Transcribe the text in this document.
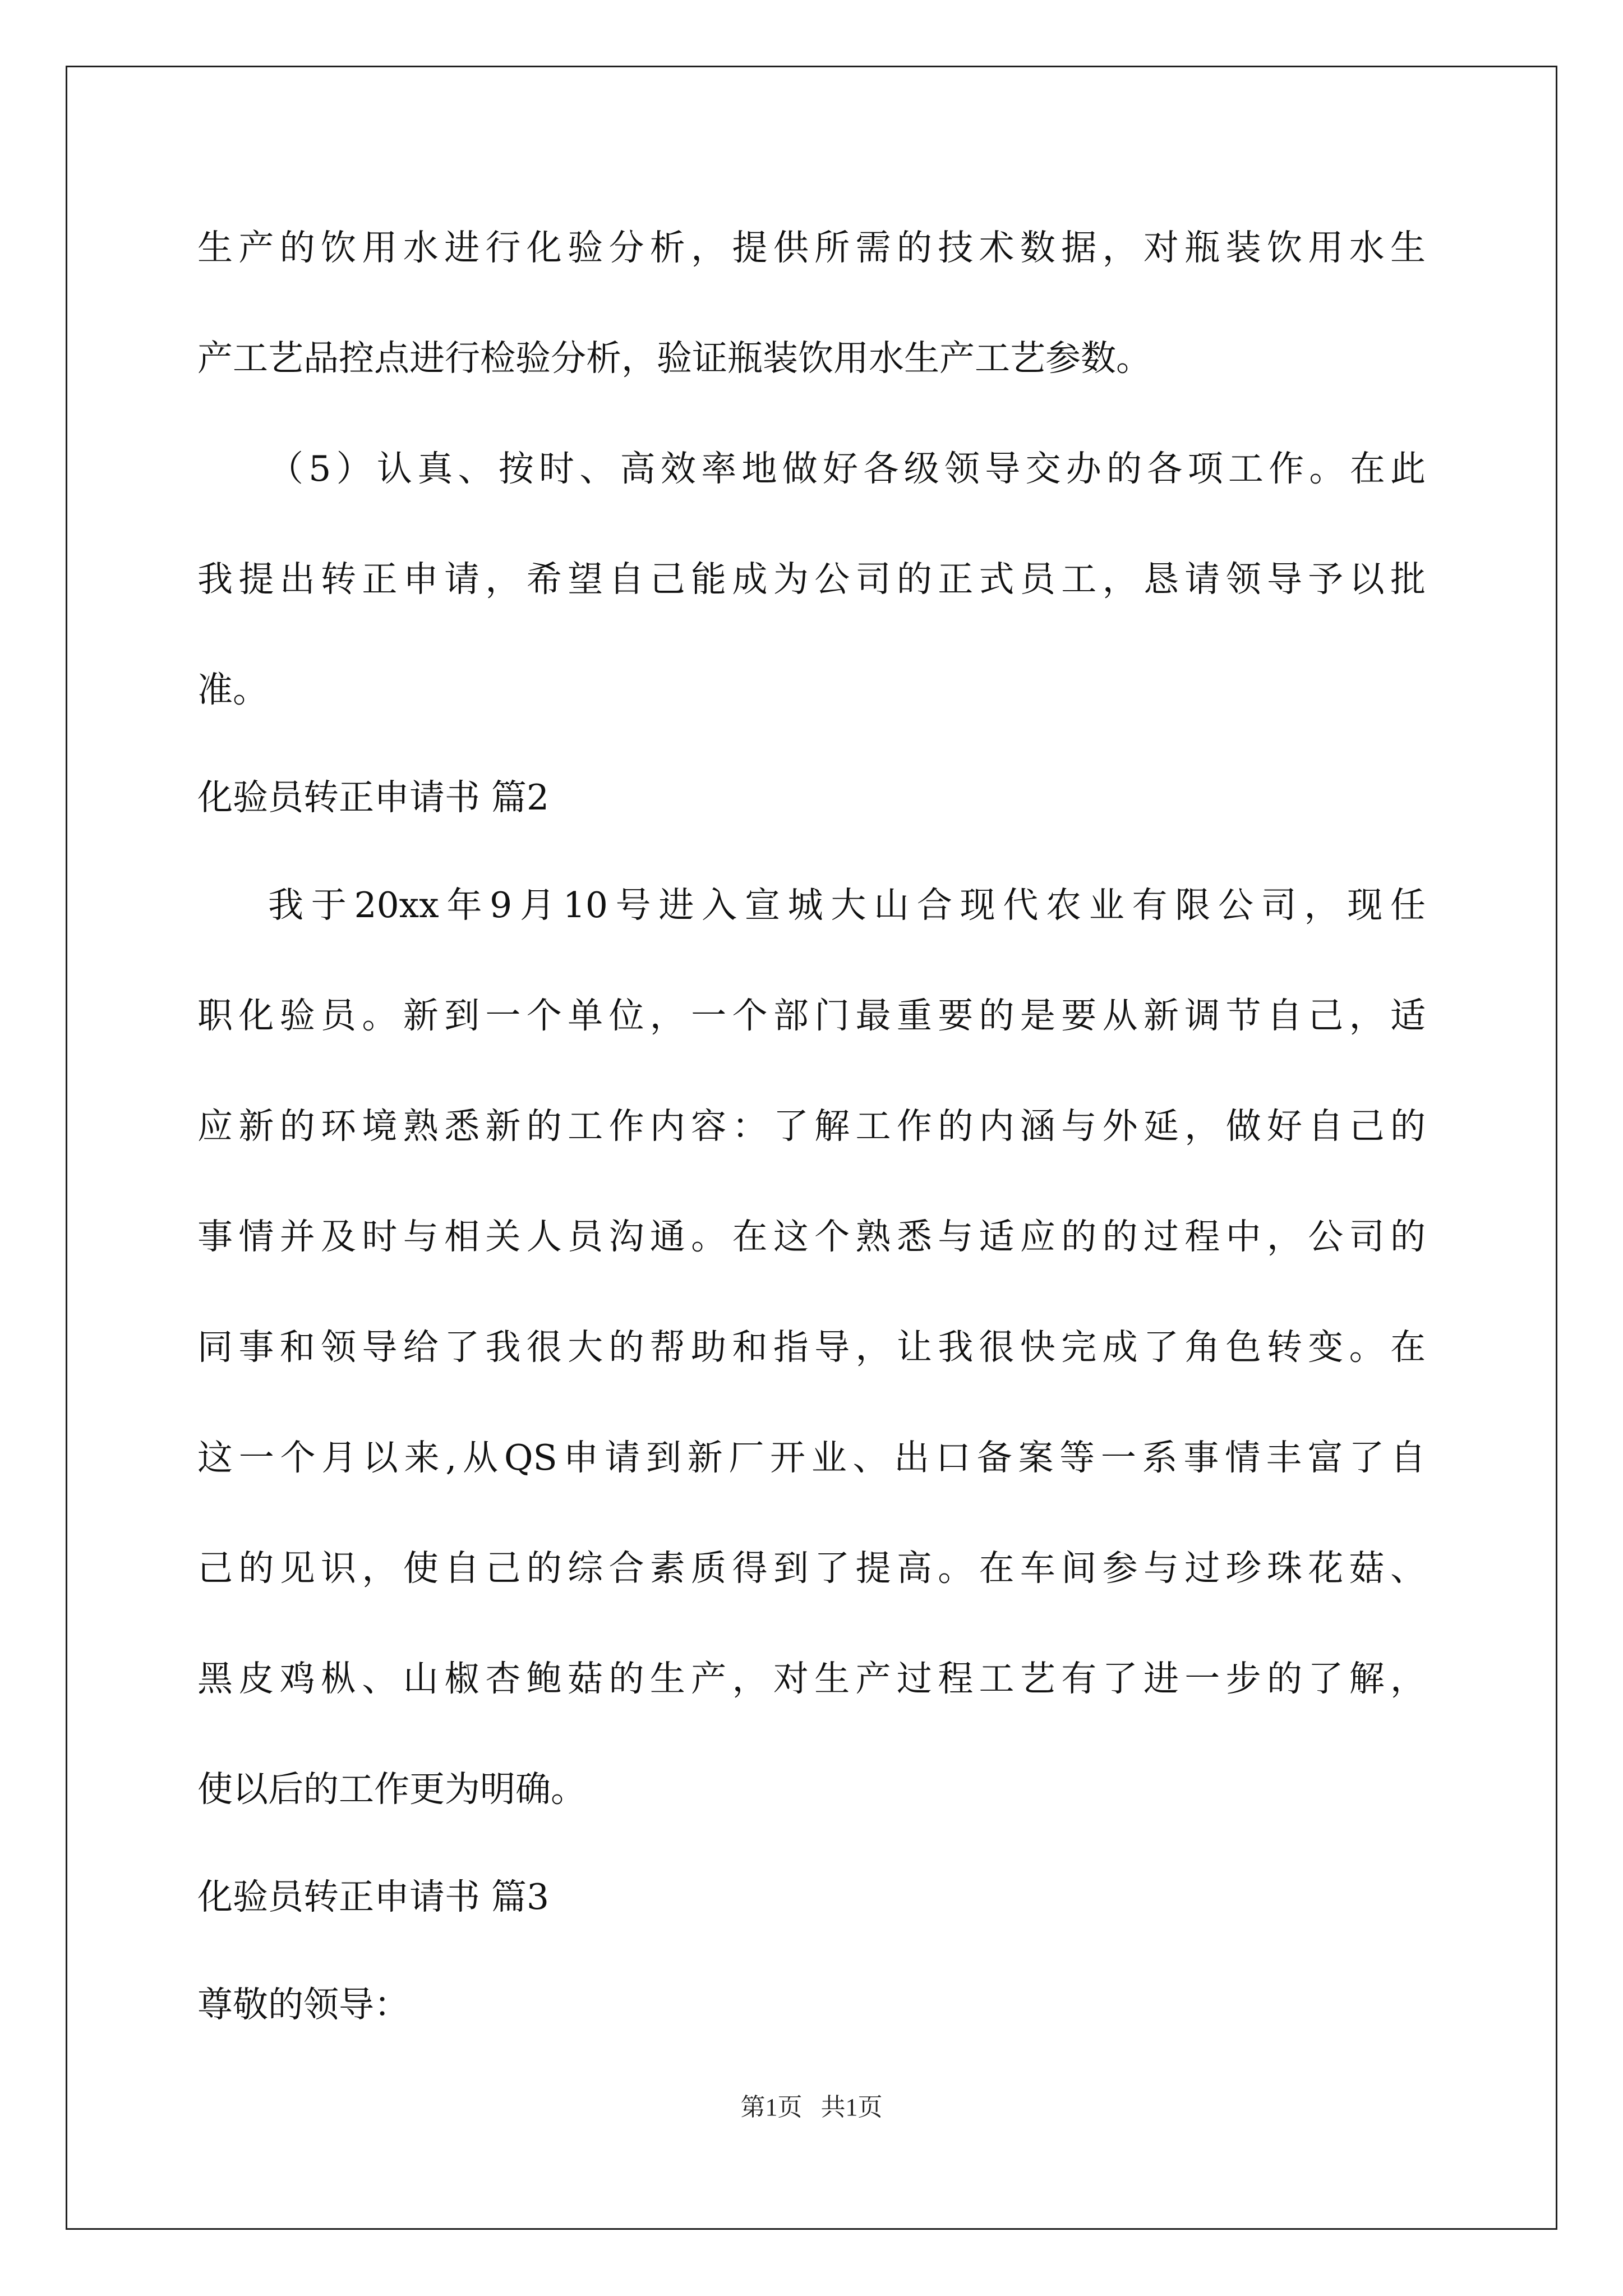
生产的饮用水进行化验分析，提供所需的技术数据，对瓶装饮用水生
产工艺品控点进行检验分析，验证瓶装饮用水生产工艺参数。
（5）认真、按时、高效率地做好各级领导交办的各项工作。在此
我提出转正申请，希望自己能成为公司的正式员工，恳请领导予以批
准。
化验员转正申请书 篇2
我于20xx年9月10号进入宣城大山合现代农业有限公司，现任
职化验员。新到一个单位，一个部门最重要的是要从新调节自己，适
应新的环境熟悉新的工作内容：了解工作的内涵与外延，做好自己的
事情并及时与相关人员沟通。在这个熟悉与适应的的过程中，公司的
同事和领导给了我很大的帮助和指导，让我很快完成了角色转变。在
这一个月以来,从QS申请到新厂开业、出口备案等一系事情丰富了自
己的见识，使自己的综合素质得到了提高。在车间参与过珍珠花菇、
黑皮鸡枞、山椒杏鲍菇的生产，对生产过程工艺有了进一步的了解，
使以后的工作更为明确。
化验员转正申请书 篇3
尊敬的领导：
第1页   共1页
